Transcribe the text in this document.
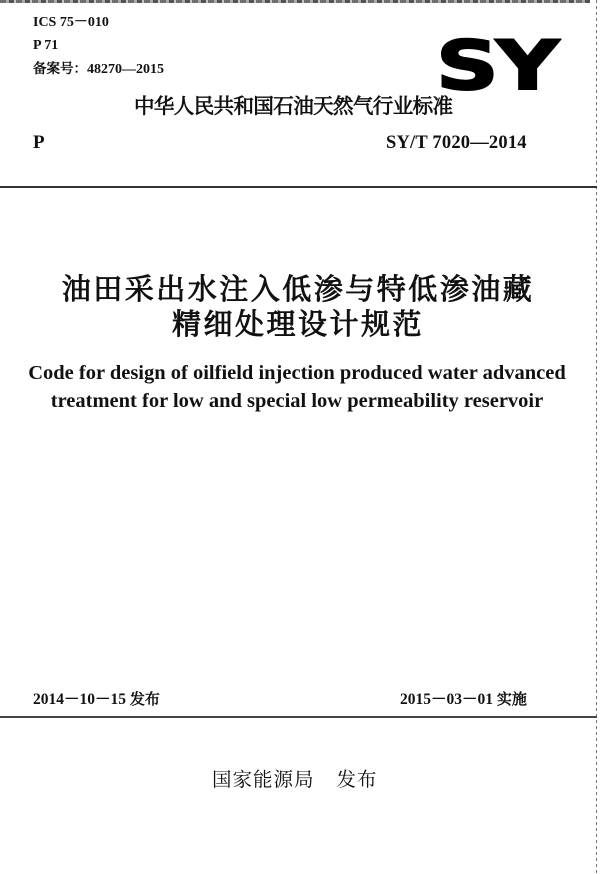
ICS 75－010
P 71
备案号：48270—2015	SY
中华人民共和国石油天然气行业标准
P	SY/T 7020—2014
油田采出水注入低渗与特低渗油藏
精细处理设计规范
Code for design of oilfield injection produced water advanced
treatment for low and special low permeability reservoir
2014－10－15 发布	2015－03－01 实施
国家能源局 发布
